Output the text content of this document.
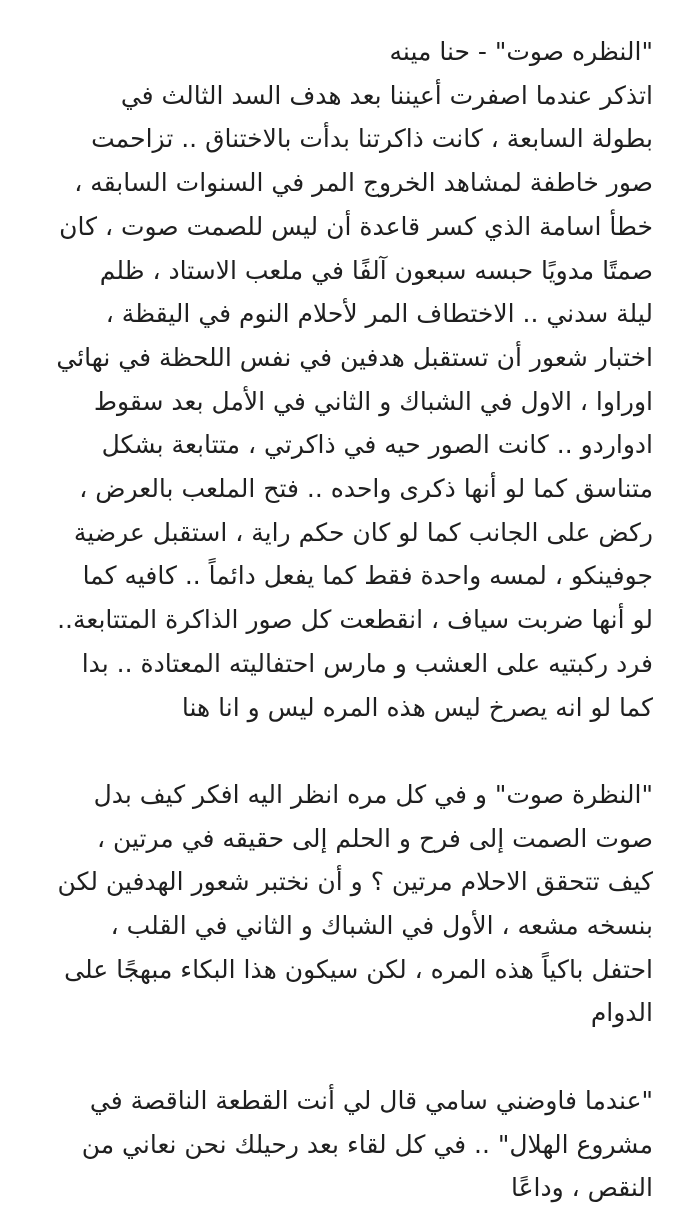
"النظره صوت" - حنا مينه
اتذكر عندما اصفرت أعيننا بعد هدف السد الثالث في
بطولة السابعة ، كانت ذاكرتنا بدأت بالاختناق .. تزاحمت
صور خاطفة لمشاهد الخروج المر في السنوات السابقه ،
خطأ اسامة الذي كسر قاعدة أن ليس للصمت صوت ، كان
صمتًا مدويًا حبسه سبعون آلفًا في ملعب الاستاد ، ظلم
ليلة سدني .. الاختطاف المر لأحلام النوم في اليقظة ،
اختبار شعور أن تستقبل هدفين في نفس اللحظة في نهائي
اوراوا ، الاول في الشباك و الثاني في الأمل بعد سقوط
ادواردو .. كانت الصور حيه في ذاكرتي ، متتابعة بشكل
متناسق كما لو أنها ذكرى واحده .. فتح الملعب بالعرض ،
ركض على الجانب كما لو كان حكم راية ، استقبل عرضية
جوفينكو ، لمسه واحدة فقط كما يفعل دائماً .. كافيه كما
لو أنها ضربت سياف ، انقطعت كل صور الذاكرة المتتابعة..
فرد ركبتيه على العشب و مارس احتفاليته المعتادة .. بدا
كما لو انه يصرخ ليس هذه المره ليس و انا هنا
"النظرة صوت" و في كل مره انظر اليه افكر كيف بدل
صوت الصمت إلى فرح و الحلم إلى حقيقه في مرتين ،
كيف تتحقق الاحلام مرتين ؟ و أن نختبر شعور الهدفين لكن
بنسخه مشعه ، الأول في الشباك و الثاني في القلب ،
احتفل باكياً هذه المره ، لكن سيكون هذا البكاء مبهجًا على
الدوام
"عندما فاوضني سامي قال لي أنت القطعة الناقصة في
مشروع الهلال" .. في كل لقاء بعد رحيلك نحن نعاني من
النقص ، وداعًا
